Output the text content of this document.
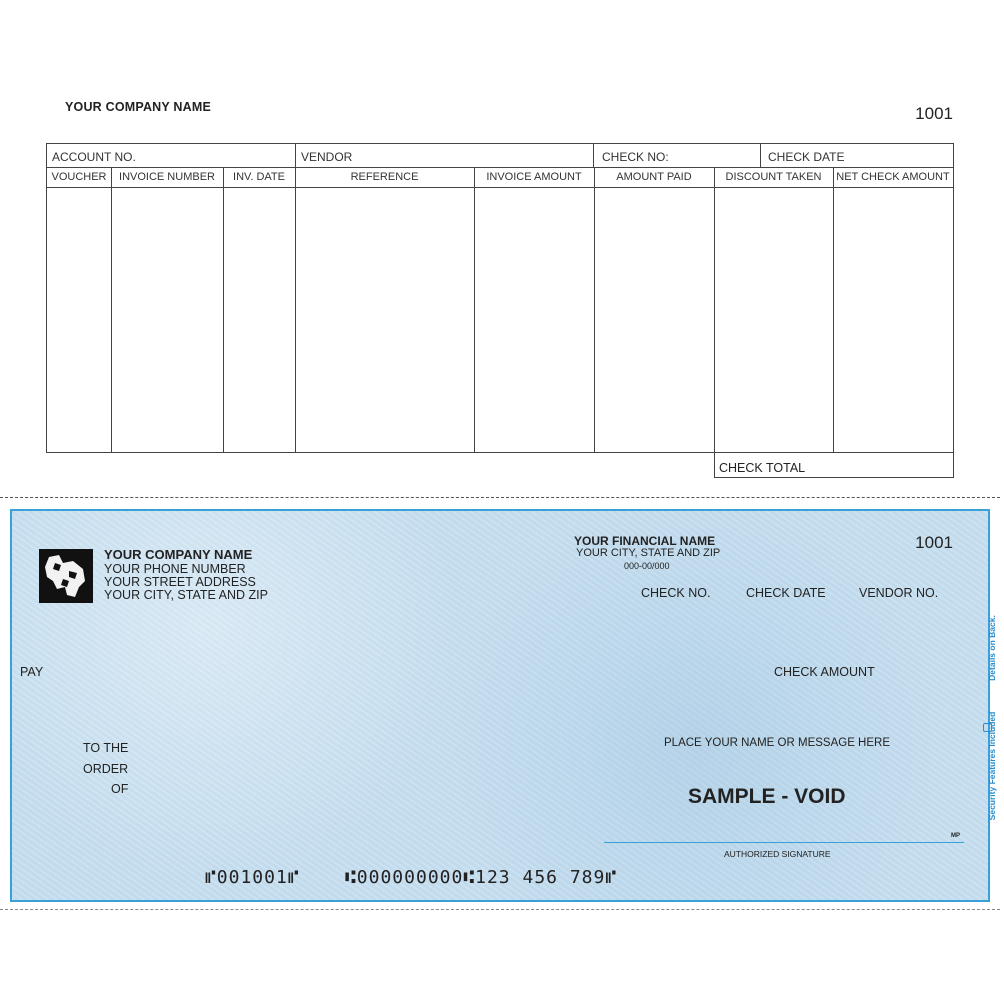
YOUR COMPANY NAME	1001
ACCOUNT NO.	VENDOR	CHECK NO:	CHECK DATE
VOUCHER	INVOICE NUMBER	INV. DATE	REFERENCE	INVOICE AMOUNT	AMOUNT PAID	DISCOUNT TAKEN	NET CHECK AMOUNT
CHECK TOTAL
YOUR COMPANY NAME
YOUR PHONE NUMBER
YOUR STREET ADDRESS
YOUR CITY, STATE AND ZIP
YOUR FINANCIAL NAME
YOUR CITY, STATE AND ZIP
000-00/000
1001
CHECK NO.	CHECK DATE	VENDOR NO.
PAY	CHECK AMOUNT
TO THE
ORDER
OF
PLACE YOUR NAME OR MESSAGE HERE
SAMPLE - VOID
MP
AUTHORIZED SIGNATURE
⑈001001⑈	⑆000000000⑆123 456 789⑈
Security Features Included
Details on Back.
